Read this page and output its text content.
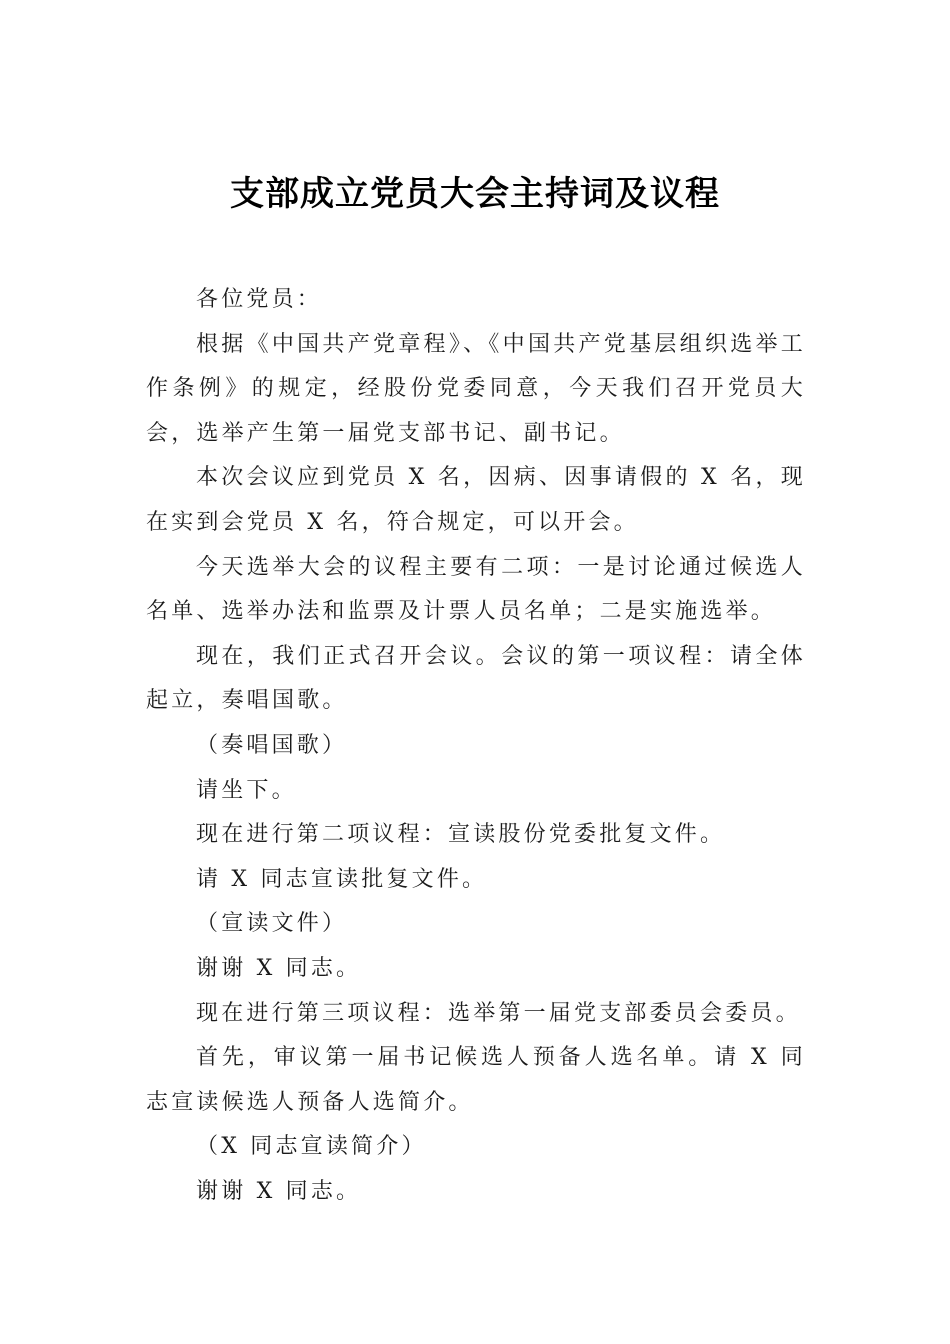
支部成立党员大会主持词及议程

各位党员：

根据《中国共产党章程》、《中国共产党基层组织选举工作条例》的规定，经股份党委同意，今天我们召开党员大会，选举产生第一届党支部书记、副书记。

本次会议应到党员 X 名，因病、因事请假的 X 名，现在实到会党员 X 名，符合规定，可以开会。

今天选举大会的议程主要有二项：一是讨论通过候选人名单、选举办法和监票及计票人员名单；二是实施选举。

现在，我们正式召开会议。会议的第一项议程：请全体起立，奏唱国歌。

（奏唱国歌）

请坐下。

现在进行第二项议程：宣读股份党委批复文件。

请 X 同志宣读批复文件。

（宣读文件）

谢谢 X 同志。

现在进行第三项议程：选举第一届党支部委员会委员。

首先，审议第一届书记候选人预备人选名单。请 X 同志宣读候选人预备人选简介。

（X 同志宣读简介）

谢谢 X 同志。
